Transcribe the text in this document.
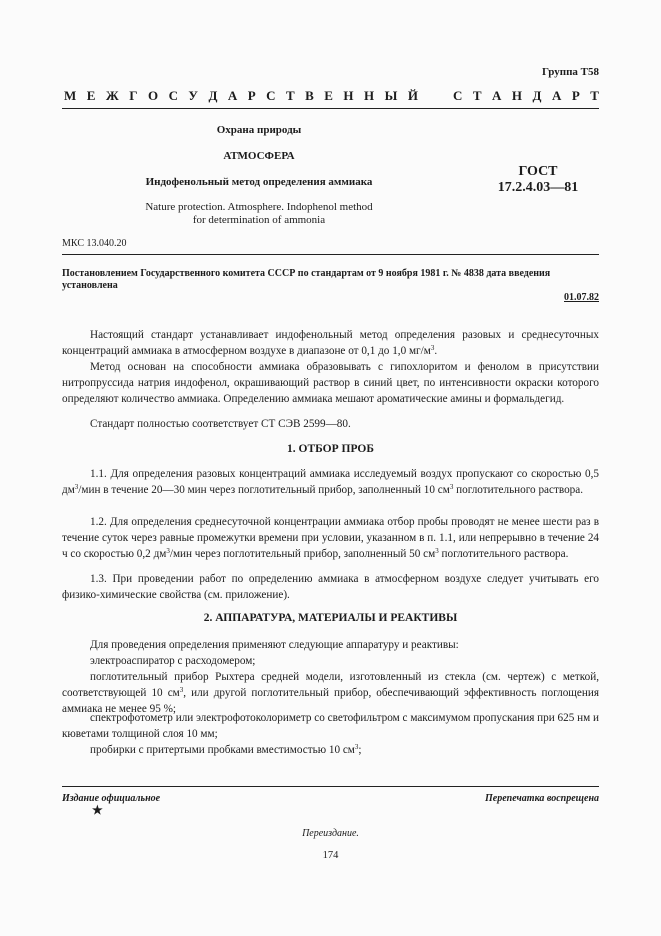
Группа Т58
М Е Ж Г О С У Д А Р С Т В Е Н Н Ы Й	С Т А Н Д А Р Т
Охрана природы
АТМОСФЕРА
Индофенольный метод определения аммиака
Nature protection. Atmosphere. Indophenol method
for determination of ammonia
ГОСТ
17.2.4.03—81
МКС 13.040.20
Постановлением Государственного комитета СССР по стандартам от 9 ноября 1981 г. № 4838 дата введения установлена
01.07.82

Настоящий стандарт устанавливает индофенольный метод определения разовых и среднесуточных концентраций аммиака в атмосферном воздухе в диапазоне от 0,1 до 1,0 $мг/м^3$.

Метод основан на способности аммиака образовывать с гипохлоритом и фенолом в присутствии нитропруссида натрия индофенол, окрашивающий раствор в синий цвет, по интенсивности окраски которого определяют количество аммиака. Определению аммиака мешают ароматические амины и формальдегид.

Стандарт полностью соответствует СТ СЭВ 2599—80.

1. ОТБОР ПРОБ

1.1. Для определения разовых концентраций аммиака исследуемый воздух пропускают со скоростью 0,5 $дм^3$/мин в течение 20—30 мин через поглотительный прибор, заполненный 10 $см^3$ поглотительного раствора.

1.2. Для определения среднесуточной концентрации аммиака отбор пробы проводят не менее шести раз в течение суток через равные промежутки времени при условии, указанном в п. 1.1, или непрерывно в течение 24 ч со скоростью 0,2 $дм^3$/мин через поглотительный прибор, заполненный 50 $см^3$ поглотительного раствора.

1.3. При проведении работ по определению аммиака в атмосферном воздухе следует учитывать его физико-химические свойства (см. приложение).

2. АППАРАТУРА, МАТЕРИАЛЫ И РЕАКТИВЫ

Для проведения определения применяют следующие аппаратуру и реактивы:

электроаспиратор с расходомером;

поглотительный прибор Рыхтера средней модели, изготовленный из стекла (см. чертеж) с меткой, соответствующей 10 $см^3$, или другой поглотительный прибор, обеспечивающий эффективность поглощения аммиака не менее 95 %;

спектрофотометр или электрофотоколориметр со светофильтром с максимумом пропускания при 625 нм и кюветами толщиной слоя 10 мм;

пробирки с притертыми пробками вместимостью 10 $см^3$;

Издание официальное
★
Перепечатка воспрещена
Переиздание.
174
